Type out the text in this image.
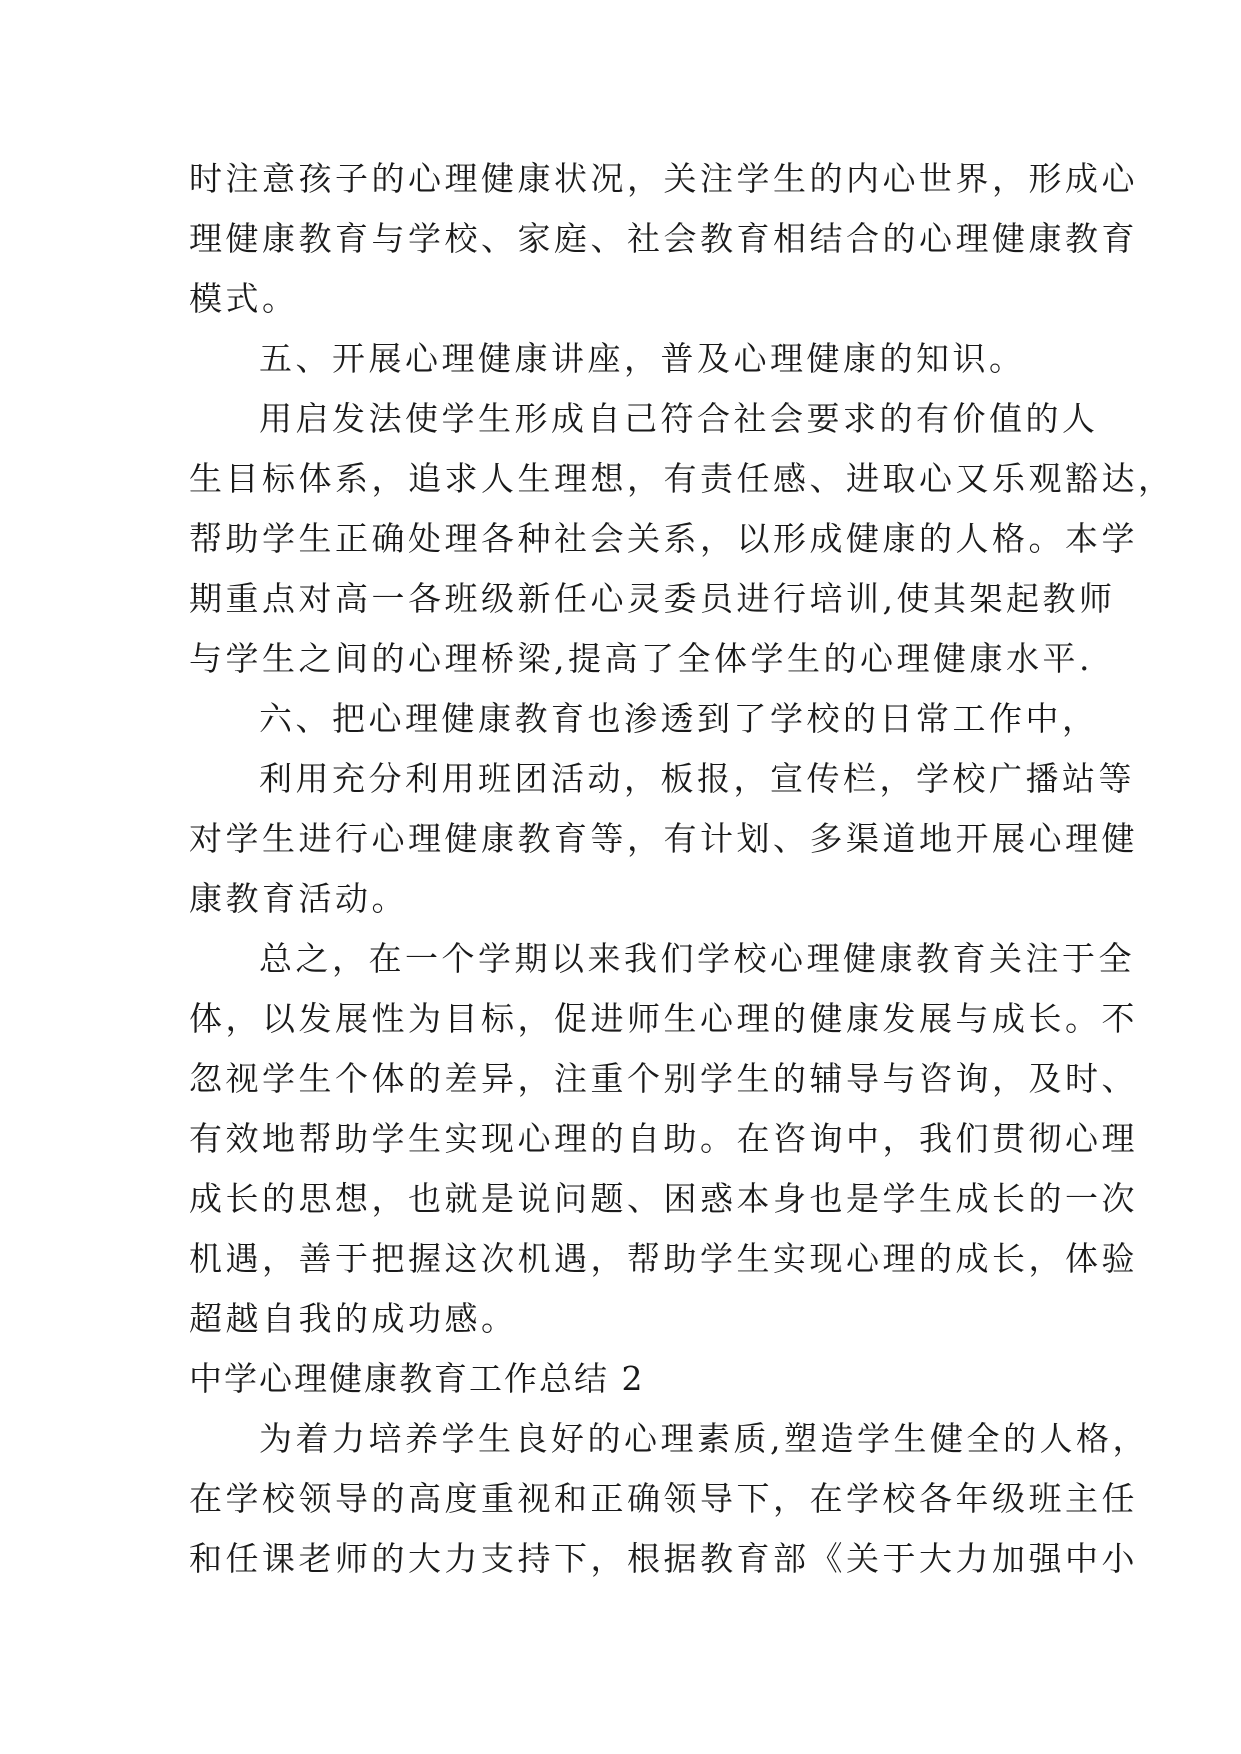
时注意孩子的心理健康状况，关注学生的内心世界，形成心
理健康教育与学校、家庭、社会教育相结合的心理健康教育
模式。
五、开展心理健康讲座，普及心理健康的知识。
用启发法使学生形成自己符合社会要求的有价值的人
生目标体系，追求人生理想，有责任感、进取心又乐观豁达，
帮助学生正确处理各种社会关系，以形成健康的人格。本学
期重点对高一各班级新任心灵委员进行培训,使其架起教师
与学生之间的心理桥梁,提高了全体学生的心理健康水平.
六、把心理健康教育也渗透到了学校的日常工作中，
利用充分利用班团活动，板报，宣传栏，学校广播站等
对学生进行心理健康教育等，有计划、多渠道地开展心理健
康教育活动。
总之，在一个学期以来我们学校心理健康教育关注于全
体，以发展性为目标，促进师生心理的健康发展与成长。不
忽视学生个体的差异，注重个别学生的辅导与咨询，及时、
有效地帮助学生实现心理的自助。在咨询中，我们贯彻心理
成长的思想，也就是说问题、困惑本身也是学生成长的一次
机遇，善于把握这次机遇，帮助学生实现心理的成长，体验
超越自我的成功感。
中学心理健康教育工作总结 2
为着力培养学生良好的心理素质,塑造学生健全的人格，
在学校领导的高度重视和正确领导下，在学校各年级班主任
和任课老师的大力支持下，根据教育部《关于大力加强中小
